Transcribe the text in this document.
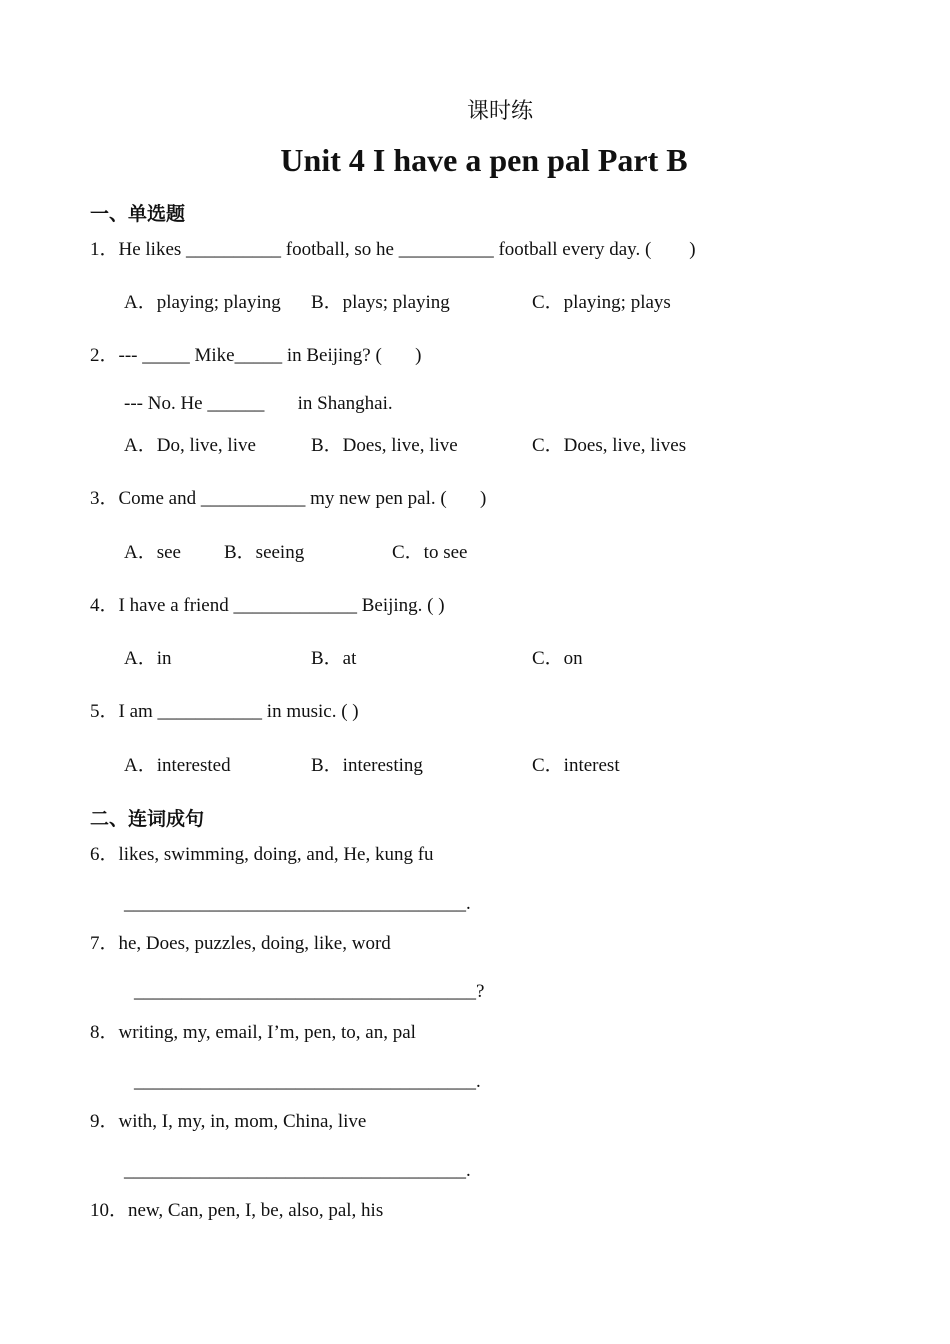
课时练
Unit 4 I have a pen pal Part B
一、单选题
1．He likes __________ football, so he __________ football every day. (        )
A．playing; playing B．plays; playing	C．playing; plays
2．--- _____ Mike_____ in Beijing? (       )
--- No. He ______       in Shanghai.
A．Do, live, live	B．Does, live, live	C．Does, live, lives
3．Come and ___________ my new pen pal. (       )
A．see B．seeing	C．to see
4．I have a friend _____________ Beijing. ( )
A．in	B．at	C．on
5．I am ___________ in music. ( )
A．interested	B．interesting	C．interest
二、连词成句
6．likes, swimming, doing, and, He, kung fu
____________________________________.
7．he, Does, puzzles, doing, like, word
____________________________________?
8．writing, my, email, I’m, pen, to, an, pal
____________________________________.
9．with, I, my, in, mom, China, live
____________________________________.
10．new, Can, pen, I, be, also, pal, his
